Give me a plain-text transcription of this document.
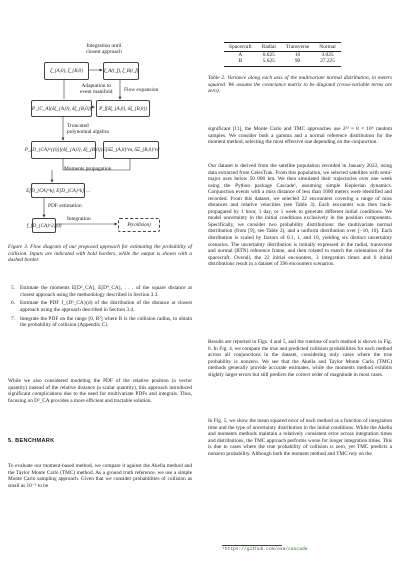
Integration until
closest approach
ξ̄_{A,0}, ξ̄_{B,0}	ξ̄_A(t_f), ξ̄_B(t_f)
Adaptation to
event manifold Flow expansion
P_{C_A}(δξ_{A,0}, δξ_{B,0})	P_f(δξ_{A,0}, δξ_{B,0})
Truncated
polynomial algebra
P_{D_{CA}^{(t)}}(δξ_{A,0}, δξ_{B,0}) E[δΞ_{A,0}^m, δΞ_{B,0}^n]
Moments propagation
E[D_{CA}^k], E[D_{CA}^k], ...
PDF estimation
f_{D_{CA}^2}(d)
Integration
P(collision)
Figure 3. Flow diagram of our proposed approach for estimating the probability of collision. Inputs are indicated with bold borders, while the output is shown with a dashed border.
5. Estimate the moments E[D²_CA], E[D⁴_CA], . . . of the square distance at closest approach using the methodology described in Section 3.3.
6. Estimate the PDF f_{D²_CA}(d) of the distribution of the distance at closest approach using the approach described in Section 3.4.
7. Integrate the PDF on the range [0, R²] where R is the collision radius, to obtain the probability of collision (Appendix C).
While we also considered modeling the PDF of the relative position (a vector quantity) instead of the relative distance (a scalar quantity), this approach introduced significant complications due to the need for multivariate PDFs and integrals. Thus, focusing on D²_CA provides a more efficient and tractable solution.
5. BENCHMARK
To evaluate our moment-based method, we compare it against the Akella method and the Taylor Monte Carlo (TMC) method. As a ground truth reference, we use a simple Monte Carlo sampling approach. Given that we consider probabilities of collision as small as 10⁻⁵ to be
Spacecraft	Radial	Transverse	Normal
A	0.625	10	3.025
B	5.625	90	27.225
Table 2. Variance along each axis of the multivariate normal distribution, in meters squared. We assume the covariance matrix to be diagonal (cross-variable terms are zero).
significant [11], the Monte Carlo and TMC approaches use 2²³ ≈ 8 × 10⁶ random samples. We consider both a gamma and a normal reference distribution for the moment method, selecting the most effective one depending on the conjunction.
Our dataset is derived from the satellite population recorded in January 2022, using data extracted from CelesTrak. From this population, we selected satellites with semi-major axes below 50 000 km. We then simulated their trajectories over one week using the Python package Cascade¹, assuming simple Keplerian dynamics. Conjunction events with a miss distance of less than 1000 meters were identified and recorded. From this dataset, we selected 22 encounters covering a range of miss distances and relative velocities (see Table 3). Each encounter was then back-propagated by 1 hour, 1 day, or 1 week to generate different initial conditions. We model uncertainty in the initial conditions exclusively in the position components. Specifically, we consider two probability distributions: the multivariate normal distribution (from [9], see Table 2), and a uniform distribution over [−10, 10]. Each distribution is scaled by factors of 0.1, 1, and 10, yielding six distinct uncertainty scenarios. The uncertainty distribution is initially expressed in the radial, transverse and normal (RTN) reference frame, and then rotated to match the orientation of the spacecraft. Overall, the 22 initial encounters, 3 integration times and 6 initial distributions result in a dataset of 396 encounters scenarios.
Results are reported in Figs. 4 and 5, and the runtime of each method is shown in Fig. 6. In Fig. 4, we compare the true and predicted collision probabilities for each method across all conjunctions in the dataset, considering only cases where the true probability is nonzero. We see that the Akella and Taylor Monte Carlo (TMC) methods generally provide accurate estimates, while the moments method exhibits slightly larger errors but still predicts the correct order of magnitude in most cases.
In Fig. 5, we show the mean squared error of each method as a function of integration time and the type of uncertainty distribution in the initial conditions. While the Akella and moments methods maintain a relatively consistent error across integration times and distributions, the TMC approach performs worse for longer integration times. This is due to cases where the true probability of collision is zero, yet TMC predicts a nonzero probability. Although both the moment method and TMC rely on the
¹https://github.com/esa/cascade
